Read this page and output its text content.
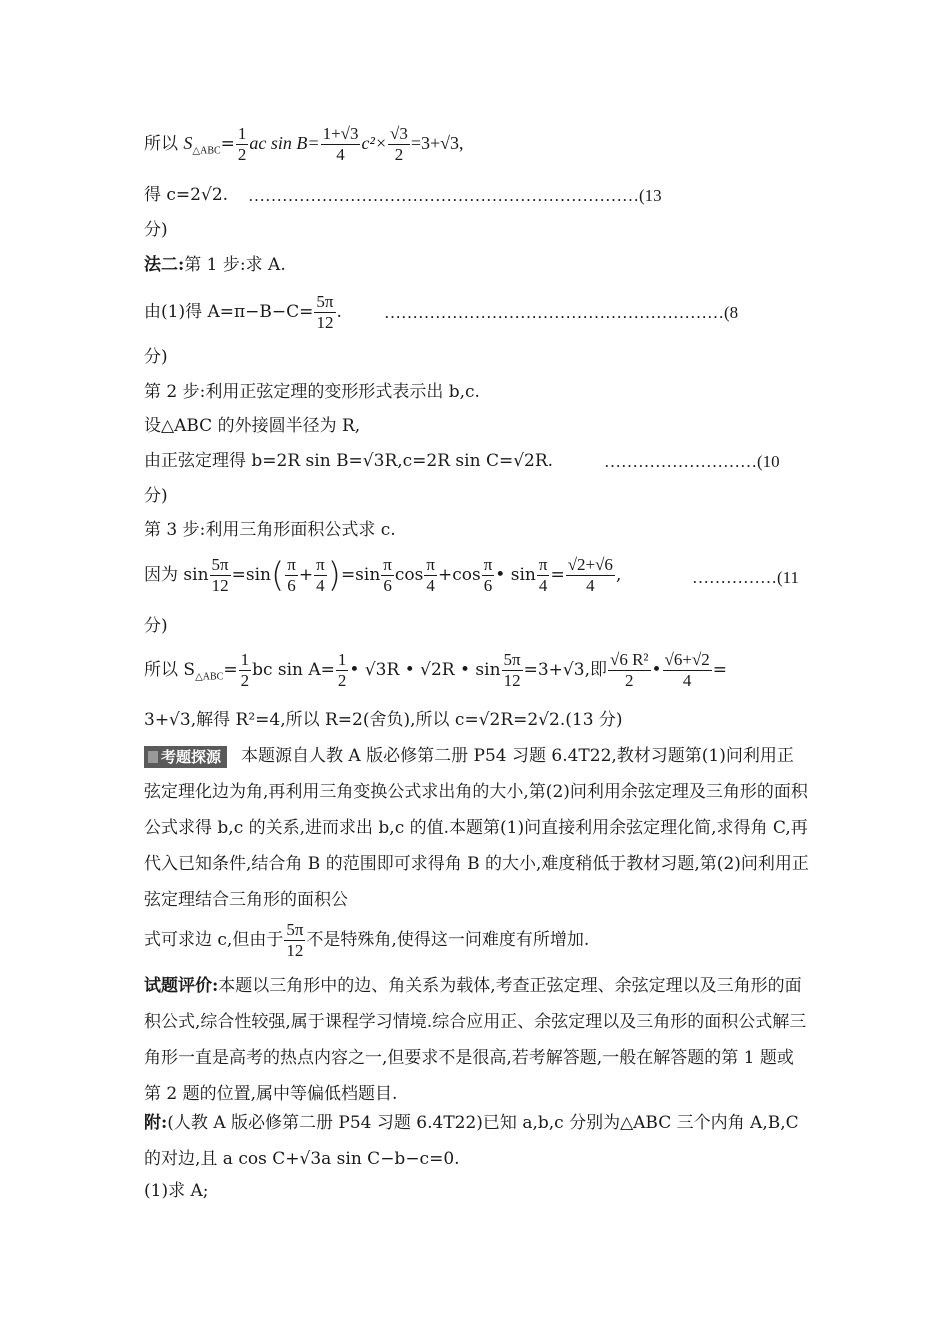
所以 $S_{\triangle ABC}= \frac{1}{2}$ ac $\sin B= \frac{1+√3}{4} c^2\times \frac{√3}{2} =3+√3$,
得 c=2√2. ……………………………………………………………(13
分)
法二:第 1 步:求 A.
由(1)得 $A=\pi-B-C= \frac{5\pi}{12}$ . ……………………………………………………(8
分)
第 2 步:利用正弦定理的变形形式表示出 b,c.
设△ABC 的外接圆半径为 R,
由正弦定理得 b=2R sin B=√3R,c=2R sin C=√2R.	………………………(10
分)
第 3 步:利用三角形面积公式求 c.
因为 $\sin \frac{5\pi}{12} =\sin( \frac{\pi}{6} + \frac{\pi}{4} )=\sin \frac{\pi}{6}$ $\cos \frac{\pi}{4} +\cos \frac{\pi}{6}$ • $\sin \frac{\pi}{4} = \frac{√2+√6}{4}$ ,	……………(11
分)
所以 $S_{\triangle ABC}= \frac{1}{2}$ bc $\sin A= \frac{1}{2}$ • √3R • √2R • $\sin \frac{5\pi}{12} =3+√3$,即 $\frac{\text{√6 R²}}{2}$ • $\frac{√6+√2}{4}$ =
3+√3,解得 R²=4,所以 R=2(舍负),所以 c=√2R=2√2.(13 分)
考题探源 本题源自人教 A 版必修第二册 P54 习题 6.4T22,教材习题第(1)问利用正弦定理化边为角,再利用三角变换公式求出角的大小,第(2)问利用余弦定理及三角形的面积公式求得 b,c 的关系,进而求出 b,c 的值.本题第(1)问直接利用余弦定理化简,求得角 C,再代入已知条件,结合角 B 的范围即可求得角 B 的大小,难度稍低于教材习题,第(2)问利用正弦定理结合三角形的面积公
式可求边 c,但由于 $\frac{5\pi}{12}$ 不是特殊角,使得这一问难度有所增加.
试题评价:本题以三角形中的边、角关系为载体,考查正弦定理、余弦定理以及三角形的面积公式,综合性较强,属于课程学习情境.综合应用正、余弦定理以及三角形的面积公式解三角形一直是高考的热点内容之一,但要求不是很高,若考解答题,一般在解答题的第 1 题或第 2 题的位置,属中等偏低档题目.
附:(人教 A 版必修第二册 P54 习题 6.4T22)已知 a,b,c 分别为△ABC 三个内角 A,B,C 的对边,且 a cos C+√3a sin C−b−c=0.
(1)求 A;
